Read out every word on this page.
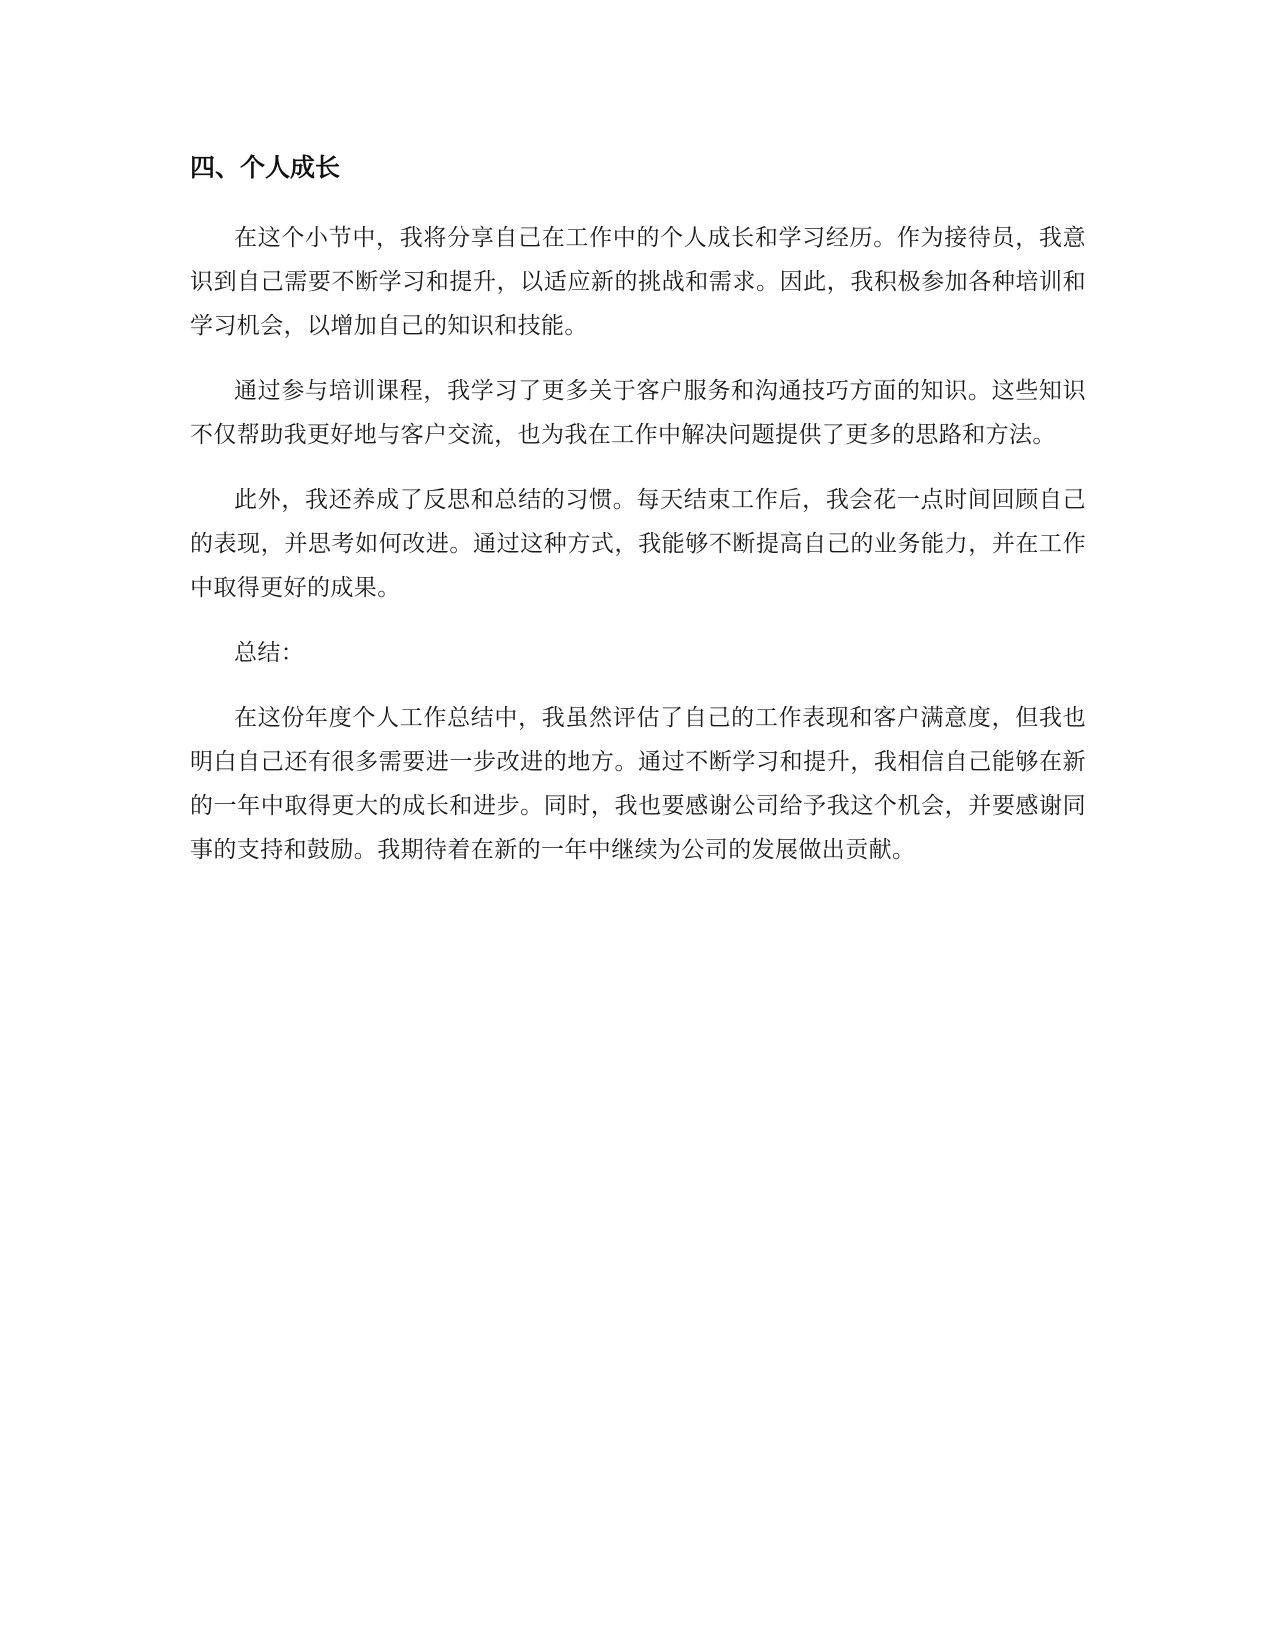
四、个人成长

在这个小节中，我将分享自己在工作中的个人成长和学习经历。作为接待员，我意识到自己需要不断学习和提升，以适应新的挑战和需求。因此，我积极参加各种培训和学习机会，以增加自己的知识和技能。

通过参与培训课程，我学习了更多关于客户服务和沟通技巧方面的知识。这些知识不仅帮助我更好地与客户交流，也为我在工作中解决问题提供了更多的思路和方法。

此外，我还养成了反思和总结的习惯。每天结束工作后，我会花一点时间回顾自己的表现，并思考如何改进。通过这种方式，我能够不断提高自己的业务能力，并在工作中取得更好的成果。

总结：

在这份年度个人工作总结中，我虽然评估了自己的工作表现和客户满意度，但我也明白自己还有很多需要进一步改进的地方。通过不断学习和提升，我相信自己能够在新的一年中取得更大的成长和进步。同时，我也要感谢公司给予我这个机会，并要感谢同事的支持和鼓励。我期待着在新的一年中继续为公司的发展做出贡献。
